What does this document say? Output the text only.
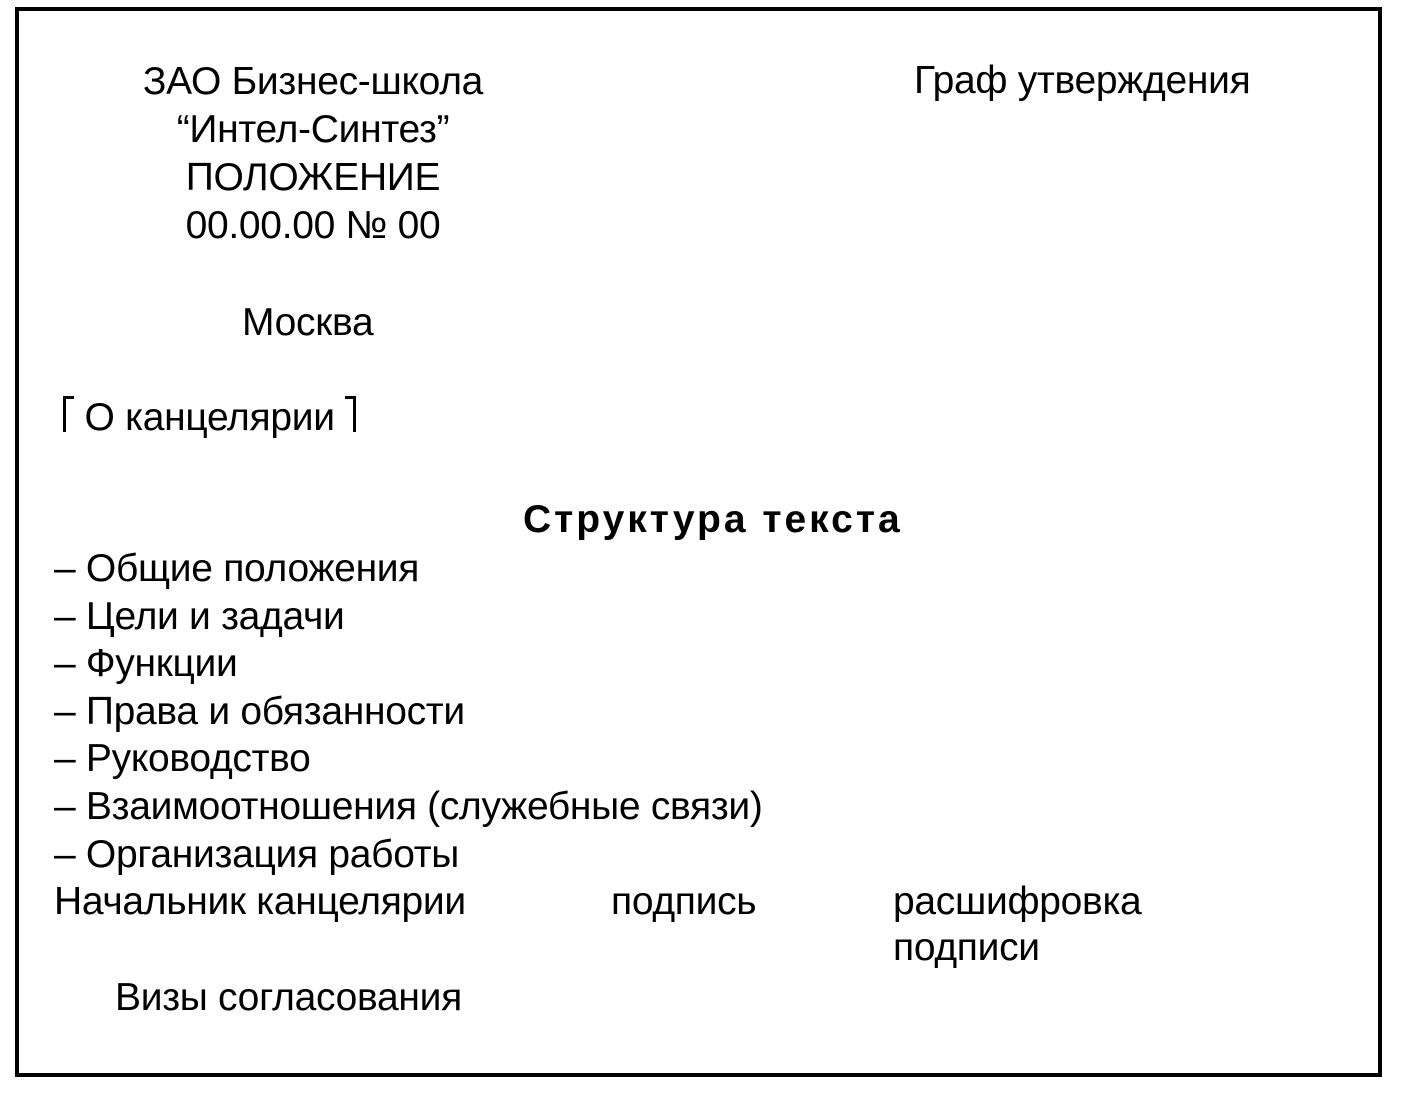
ЗАО Бизнес-школа
“Интел-Синтез”
ПОЛОЖЕНИЕ
00.00.00 № 00
Граф утверждения
Москва
О канцелярии
Структура текста
– Общие положения
– Цели и задачи
– Функции
– Права и обязанности
– Руководство
– Взаимоотношения (служебные связи)
– Организация работы
Начальник канцелярии	подпись	расшифровка
подписи
Визы согласования
